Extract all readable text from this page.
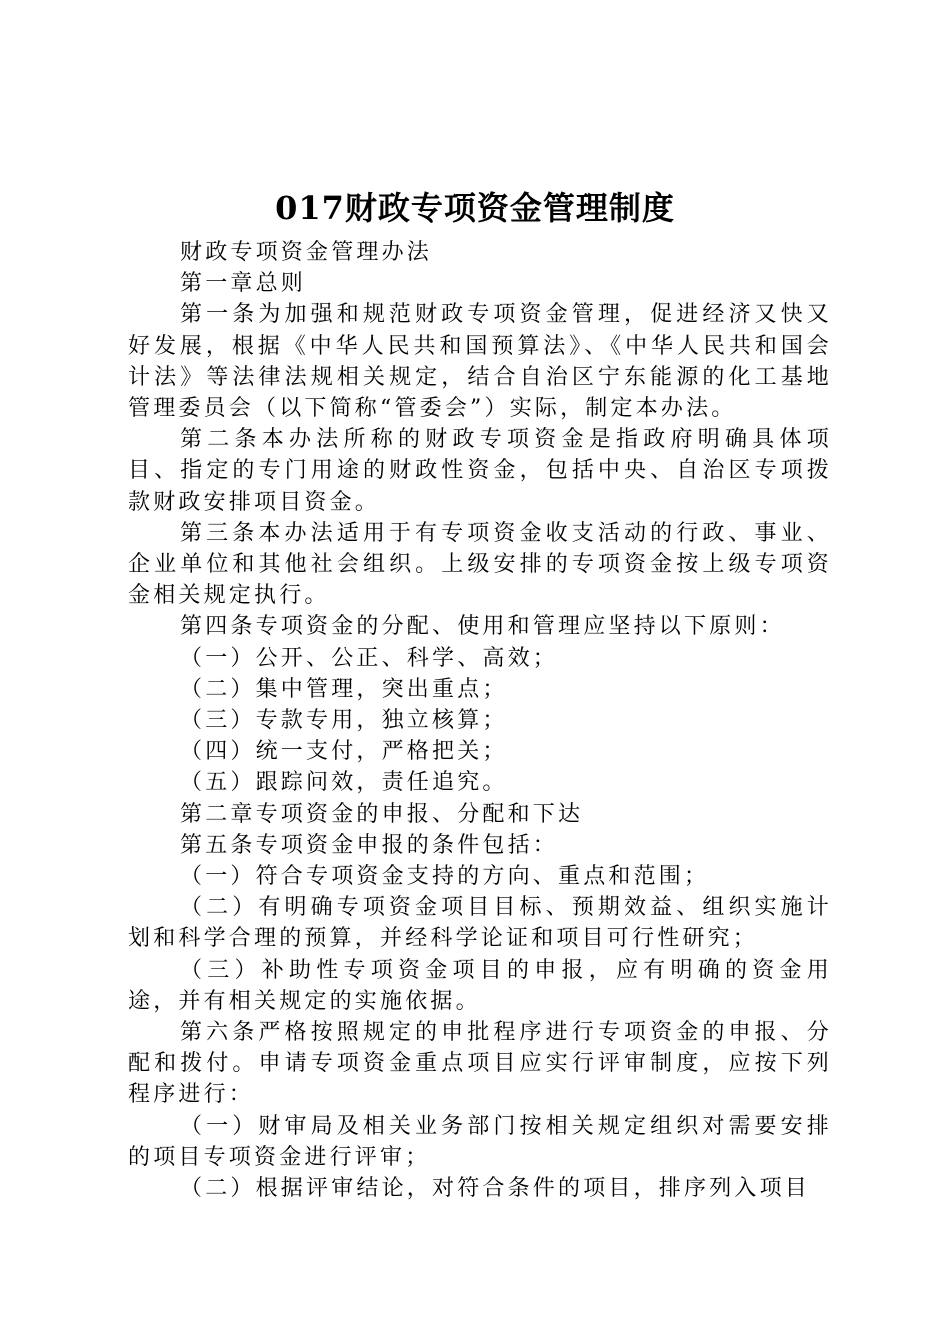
017财政专项资金管理制度

财政专项资金管理办法

第一章总则

第一条为加强和规范财政专项资金管理，促进经济又快又好发展，根据《中华人民共和国预算法》、《中华人民共和国会计法》等法律法规相关规定，结合自治区宁东能源的化工基地管理委员会（以下简称“管委会”）实际，制定本办法。

第二条本办法所称的财政专项资金是指政府明确具体项目、指定的专门用途的财政性资金，包括中央、自治区专项拨款财政安排项目资金。

第三条本办法适用于有专项资金收支活动的行政、事业、企业单位和其他社会组织。上级安排的专项资金按上级专项资金相关规定执行。

第四条专项资金的分配、使用和管理应坚持以下原则：

（一）公开、公正、科学、高效；

（二）集中管理，突出重点；

（三）专款专用，独立核算；

（四）统一支付，严格把关；

（五）跟踪问效，责任追究。

第二章专项资金的申报、分配和下达

第五条专项资金申报的条件包括：

（一）符合专项资金支持的方向、重点和范围；

（二）有明确专项资金项目目标、预期效益、组织实施计划和科学合理的预算，并经科学论证和项目可行性研究；

（三）补助性专项资金项目的申报，应有明确的资金用途，并有相关规定的实施依据。

第六条严格按照规定的申批程序进行专项资金的申报、分配和拨付。申请专项资金重点项目应实行评审制度，应按下列程序进行：

（一）财审局及相关业务部门按相关规定组织对需要安排的项目专项资金进行评审；

（二）根据评审结论，对符合条件的项目，排序列入项目
